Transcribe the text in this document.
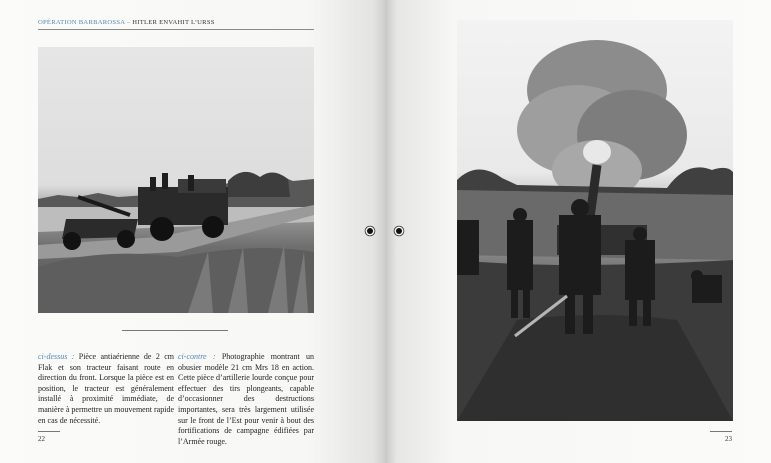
OPÉRATION BARBAROSSA – HITLER ENVAHIT L’URSS

ci-dessus : Pièce antiaérienne de 2 cm Flak et son tracteur faisant route en direction du front. Lorsque la pièce est en position, le tracteur est généralement installé à proximité immédiate, de manière à permettre un mouvement rapide en cas de nécessité.

ci-contre : Photographie montrant un obusier modèle 21 cm Mrs 18 en action. Cette pièce d’artillerie lourde conçue pour effectuer des tirs plongeants, capable d’occasionner des destructions importantes, sera très largement utilisée sur le front de l’Est pour venir à bout des fortifications de campagne édifiées par l’Armée rouge.

22	23
